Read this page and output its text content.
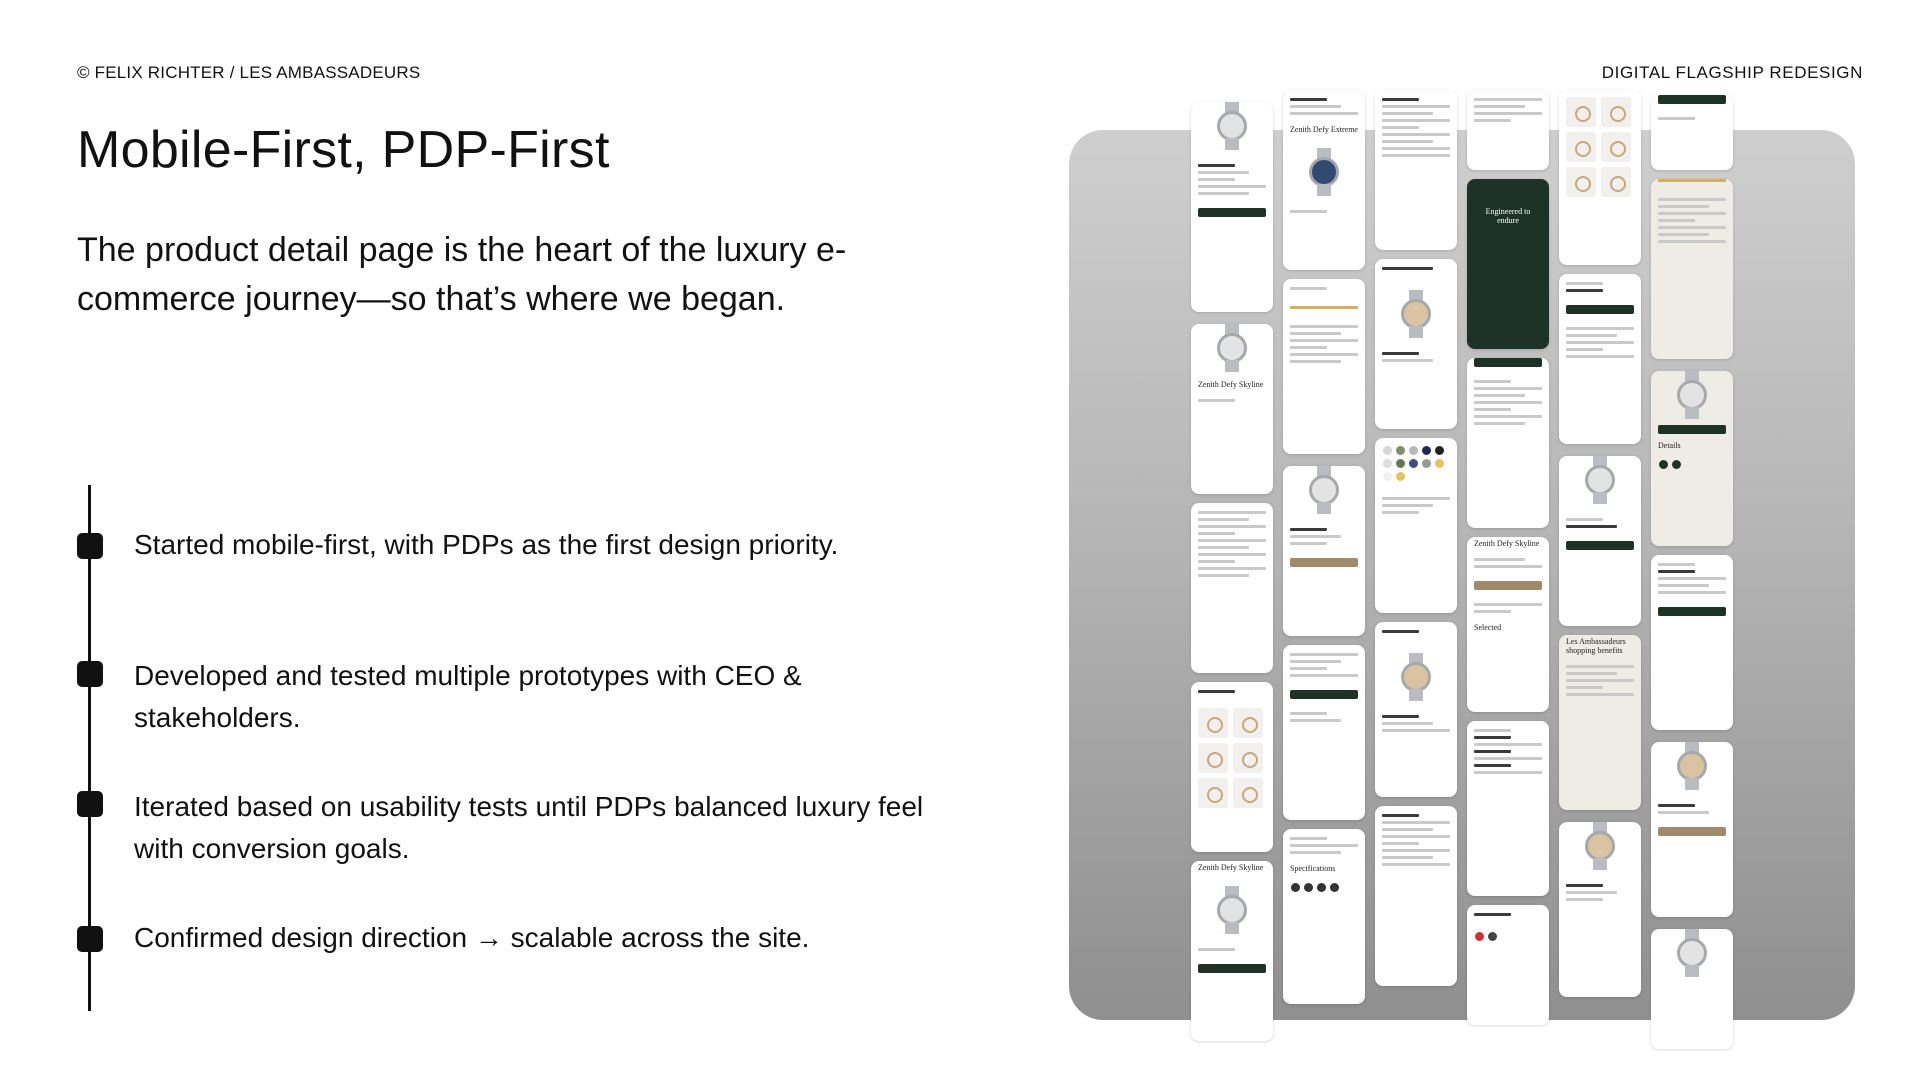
© FELIX RICHTER / LES AMBASSADEURS	DIGITAL FLAGSHIP REDESIGN
Mobile-First, PDP-First

The product detail page is the heart of the luxury e-commerce journey—so that’s where we began.

Started mobile-first, with PDPs as the first design priority.

Developed and tested multiple prototypes with CEO & stakeholders.

Iterated based on usability tests until PDPs balanced luxury feel with conversion goals.

Confirmed design direction → scalable across the site.

Zenith Defy Skyline
Zenith Defy Skyline
Zenith Defy Extreme
Specifications
Engineered to endure
Zenith Defy Skyline
Selected
Les Ambassadeurs shopping benefits
Details
